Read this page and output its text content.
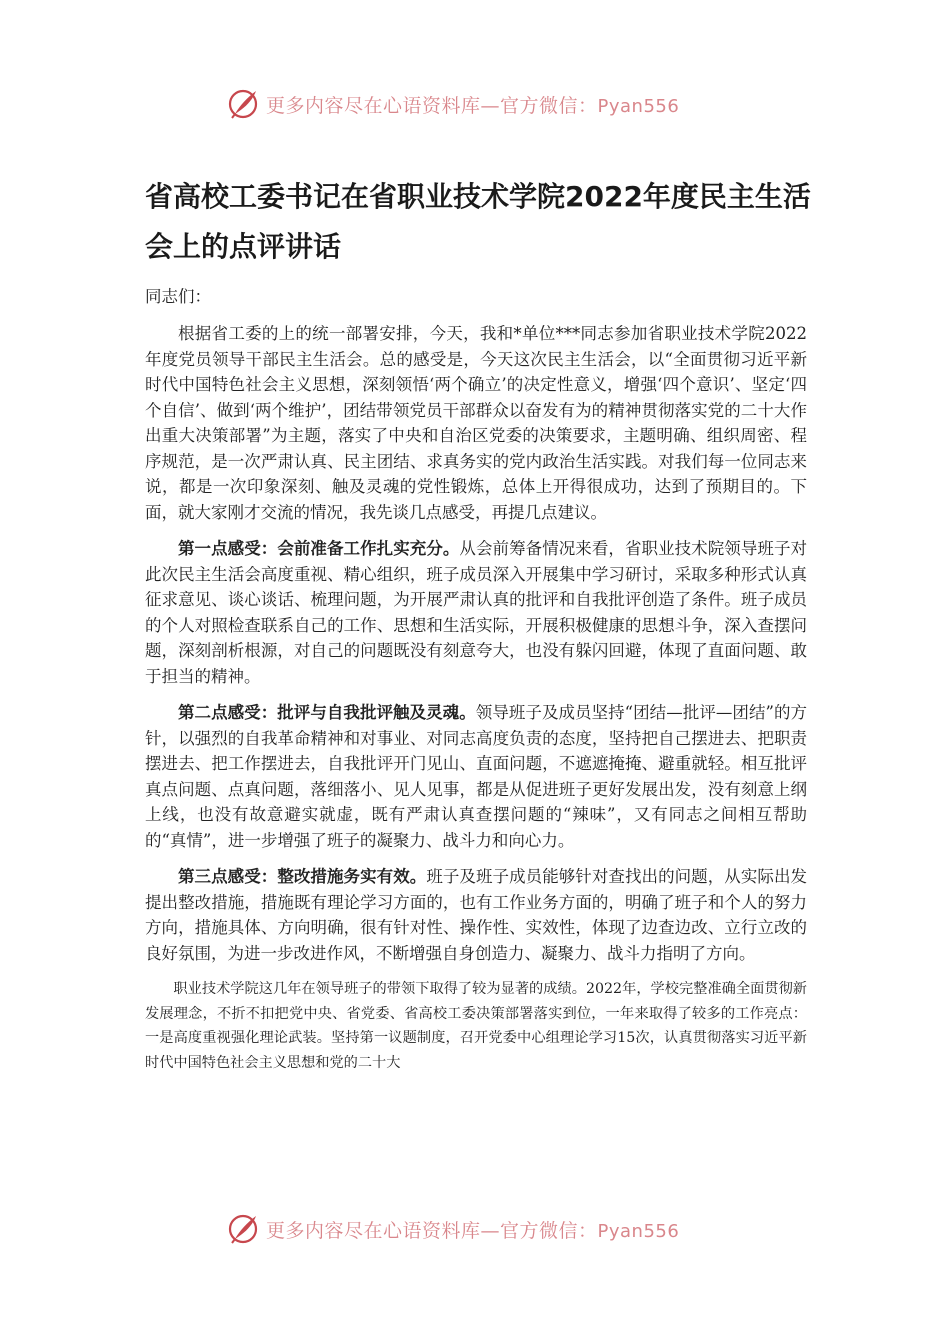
更多内容尽在心语资料库—官方微信：Pyan556
省高校工委书记在省职业技术学院2022年度民主生活会上的点评讲话

同志们：

根据省工委的上的统一部署安排，今天，我和*单位***同志参加省职业技术学院2022年度党员领导干部民主生活会。总的感受是，今天这次民主生活会，以“全面贯彻习近平新时代中国特色社会主义思想，深刻领悟‘两个确立’的决定性意义，增强‘四个意识’、坚定‘四个自信’、做到‘两个维护’，团结带领党员干部群众以奋发有为的精神贯彻落实党的二十大作出重大决策部署”为主题，落实了中央和自治区党委的决策要求，主题明确、组织周密、程序规范，是一次严肃认真、民主团结、求真务实的党内政治生活实践。对我们每一位同志来说，都是一次印象深刻、触及灵魂的党性锻炼，总体上开得很成功，达到了预期目的。下面，就大家刚才交流的情况，我先谈几点感受，再提几点建议。

第一点感受：会前准备工作扎实充分。从会前筹备情况来看，省职业技术院领导班子对此次民主生活会高度重视、精心组织，班子成员深入开展集中学习研讨，采取多种形式认真征求意见、谈心谈话、梳理问题，为开展严肃认真的批评和自我批评创造了条件。班子成员的个人对照检查联系自己的工作、思想和生活实际，开展积极健康的思想斗争，深入查摆问题，深刻剖析根源，对自己的问题既没有刻意夸大，也没有躲闪回避，体现了直面问题、敢于担当的精神。

第二点感受：批评与自我批评触及灵魂。领导班子及成员坚持“团结—批评—团结”的方针，以强烈的自我革命精神和对事业、对同志高度负责的态度，坚持把自己摆进去、把职责摆进去、把工作摆进去，自我批评开门见山、直面问题，不遮遮掩掩、避重就轻。相互批评真点问题、点真问题，落细落小、见人见事，都是从促进班子更好发展出发，没有刻意上纲上线，也没有故意避实就虚，既有严肃认真查摆问题的“辣味”，又有同志之间相互帮助的“真情”，进一步增强了班子的凝聚力、战斗力和向心力。

第三点感受：整改措施务实有效。班子及班子成员能够针对查找出的问题，从实际出发提出整改措施，措施既有理论学习方面的，也有工作业务方面的，明确了班子和个人的努力方向，措施具体、方向明确，很有针对性、操作性、实效性，体现了边查边改、立行立改的良好氛围，为进一步改进作风，不断增强自身创造力、凝聚力、战斗力指明了方向。

职业技术学院这几年在领导班子的带领下取得了较为显著的成绩。2022年，学校完整准确全面贯彻新发展理念，不折不扣把党中央、省党委、省高校工委决策部署落实到位，一年来取得了较多的工作亮点：一是高度重视强化理论武装。坚持第一议题制度，召开党委中心组理论学习15次，认真贯彻落实习近平新时代中国特色社会主义思想和党的二十大

更多内容尽在心语资料库—官方微信：Pyan556
